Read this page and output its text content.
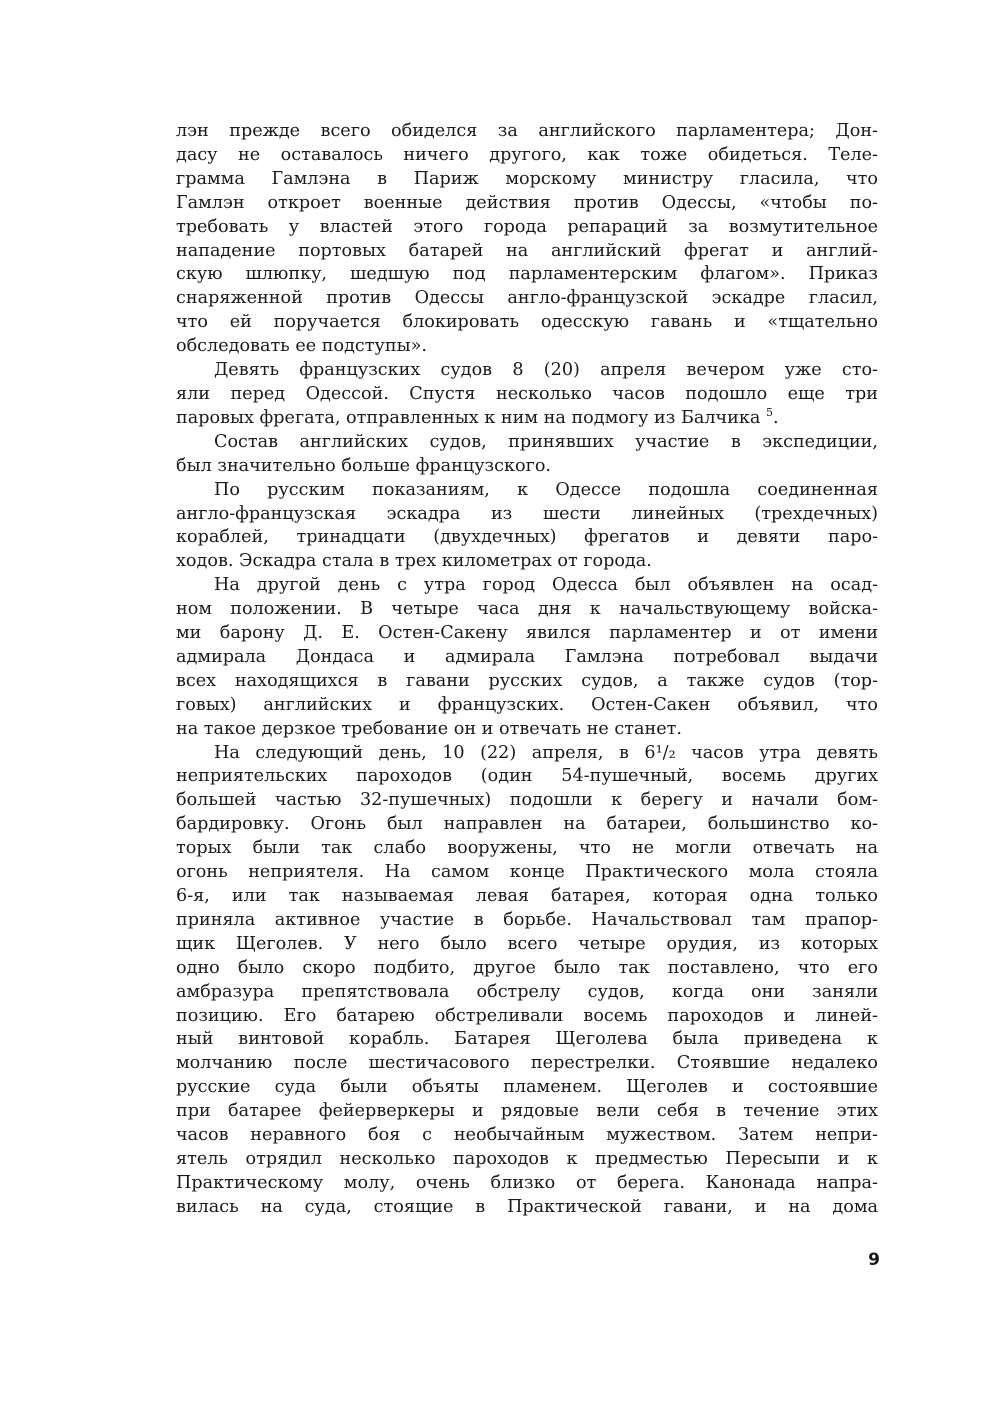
лэн прежде всего обиделся за английского парламентера; Дон-
дасу не оставалось ничего другого, как тоже обидеться. Теле-
грамма Гамлэна в Париж морскому министру гласила, что
Гамлэн откроет военные действия против Одессы, «чтобы по-
требовать у властей этого города репараций за возмутительное
нападение портовых батарей на английский фрегат и англий-
скую шлюпку, шедшую под парламентерским флагом». Приказ
снаряженной против Одессы англо-французской эскадре гласил,
что ей поручается блокировать одесскую гавань и «тщательно
обследовать ее подступы».
Девять французских судов 8 (20) апреля вечером уже сто-
яли перед Одессой. Спустя несколько часов подошло еще три
паровых фрегата, отправленных к ним на подмогу из Балчика $^5$.
Состав английских судов, принявших участие в экспедиции,
был значительно больше французского.
По русским показаниям, к Одессе подошла соединенная
англо-французская эскадра из шести линейных (трехдечных)
кораблей, тринадцати (двухдечных) фрегатов и девяти паро-
ходов. Эскадра стала в трех километрах от города.
На другой день с утра город Одесса был объявлен на осад-
ном положении. В четыре часа дня к начальствующему войска-
ми барону Д. Е. Остен-Сакену явился парламентер и от имени
адмирала Дондаса и адмирала Гамлэна потребовал выдачи
всех находящихся в гавани русских судов, а также судов (тор-
говых) английских и французских. Остен-Сакен объявил, что
на такое дерзкое требование он и отвечать не станет.
На следующий день, 10 (22) апреля, в 6¹/₂ часов утра девять
неприятельских пароходов (один 54-пушечный, восемь других
большей частью 32-пушечных) подошли к берегу и начали бом-
бардировку. Огонь был направлен на батареи, большинство ко-
торых были так слабо вооружены, что не могли отвечать на
огонь неприятеля. На самом конце Практического мола стояла
6-я, или так называемая левая батарея, которая одна только
приняла активное участие в борьбе. Начальствовал там прапор-
щик Щеголев. У него было всего четыре орудия, из которых
одно было скоро подбито, другое было так поставлено, что его
амбразура препятствовала обстрелу судов, когда они заняли
позицию. Его батарею обстреливали восемь пароходов и линей-
ный винтовой корабль. Батарея Щеголева была приведена к
молчанию после шестичасового перестрелки. Стоявшие недалеко
русские суда были объяты пламенем. Щеголев и состоявшие
при батарее фейерверкеры и рядовые вели себя в течение этих
часов неравного боя с необычайным мужеством. Затем непри-
ятель отрядил несколько пароходов к предместью Пересыпи и к
Практическому молу, очень близко от берега. Канонада напра-
вилась на суда, стоящие в Практической гавани, и на дома
9
